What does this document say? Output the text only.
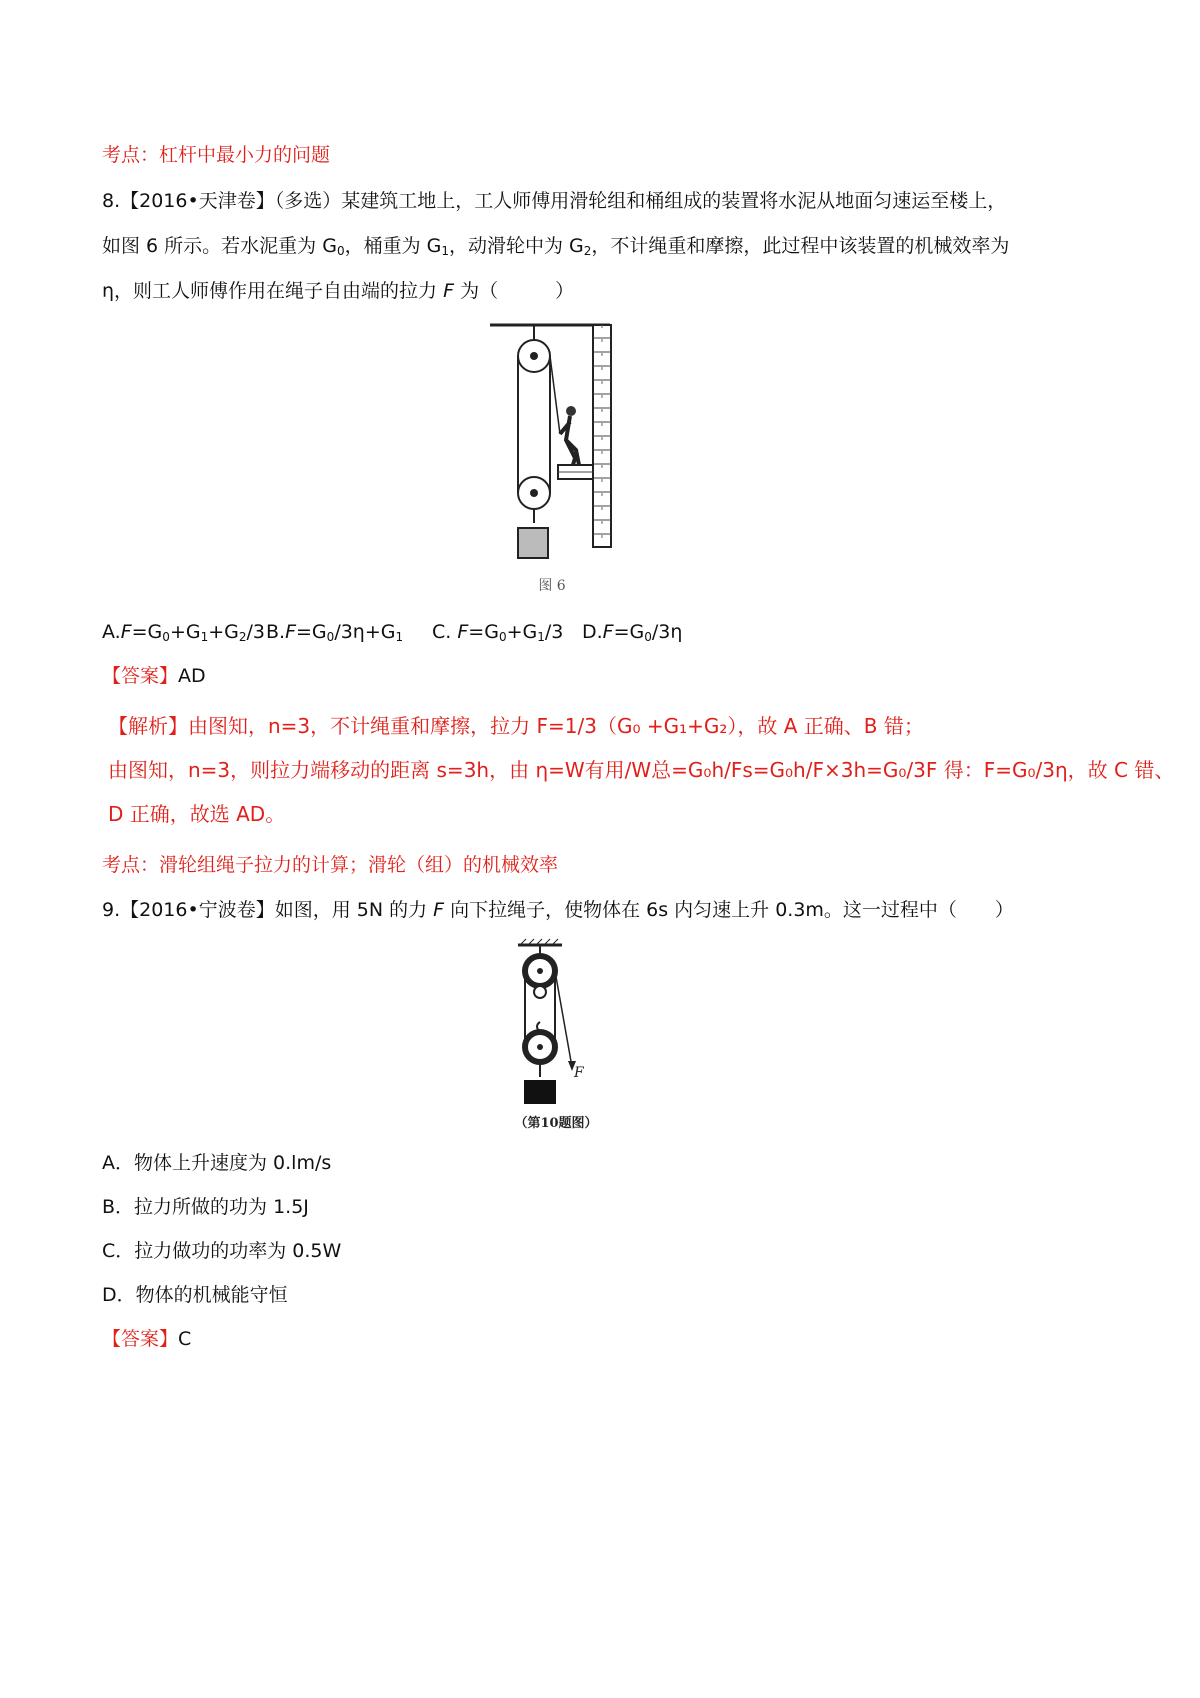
考点：杠杆中最小力的问题
8.【2016•天津卷】（多选）某建筑工地上，工人师傅用滑轮组和桶组成的装置将水泥从地面匀速运至楼上，
如图 6 所示。若水泥重为 $G_0$，桶重为 $G_1$，动滑轮中为 $G_2$，不计绳重和摩擦，此过程中该装置的机械效率为
η，则工人师傅作用在绳子自由端的拉力 F 为（　　　）
图 6
$A.F=G_0+G_1+G_2/3$ $B.F=G_0/3\eta+G_1$ C. $F=G_0+G_1/3$ $D.F=G_0/3\eta$
【答案】AD
【解析】由图知，n=3，不计绳重和摩擦，拉力 F=1/3（G₀ +G₁+G₂），故 A 正确、B 错；
由图知，n=3，则拉力端移动的距离 s=3h，由 η=W有用/W总=G₀h/Fs=G₀h/F×3h=G₀/3F 得：F=G₀/3η，故 C 错、
D 正确，故选 AD。
考点：滑轮组绳子拉力的计算；滑轮（组）的机械效率
9.【2016•宁波卷】如图，用 5N 的力 F 向下拉绳子，使物体在 6s 内匀速上升 0.3m。这一过程中（　　）
F
（第10题图）
A．物体上升速度为 0.lm/s
B．拉力所做的功为 1.5J
C．拉力做功的功率为 0.5W
D．物体的机械能守恒
【答案】C
